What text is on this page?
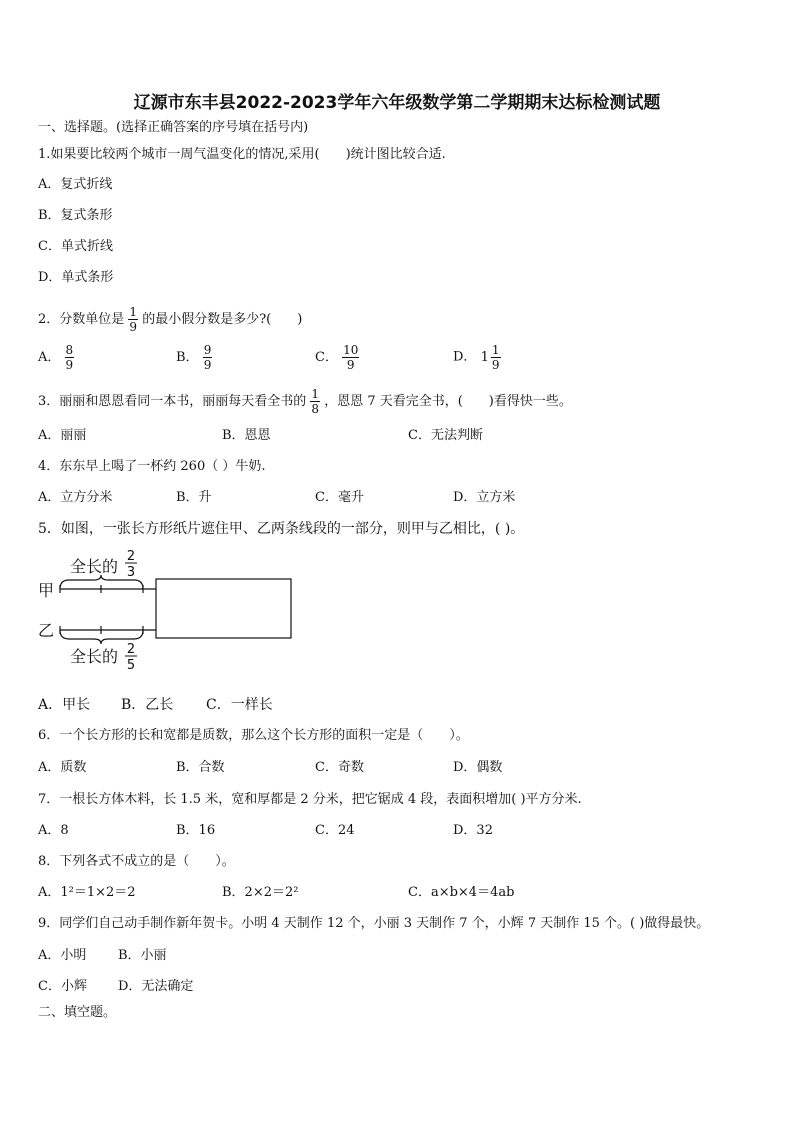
辽源市东丰县2022-2023学年六年级数学第二学期期末达标检测试题
一、选择题。(选择正确答案的序号填在括号内)
1.如果要比较两个城市一周气温变化的情况,采用(　　)统计图比较合适.
A．复式折线
B．复式条形
C．单式折线
D．单式条形
2．分数单位是 $\frac{1}{9}$ 的最小假分数是多少?(　　)
A． $\frac{8}{9}$	B． $\frac{9}{9}$	C． $\frac{10}{9}$	D． $1 \frac{1}{9}$
3．丽丽和恩恩看同一本书，丽丽每天看全书的 $\frac{1}{8}$ ，恩恩 7 天看完全书，(　　)看得快一些。
A．丽丽	B．恩恩	C．无法判断
4．东东早上喝了一杯约 260（ ）牛奶.
A．立方分米	B．升	C．毫升	D．立方米
5．如图，一张长方形纸片遮住甲、乙两条线段的一部分，则甲与乙相比，( )。
全长的
2
3
甲
乙
全长的 2
5
A．甲长 B．乙长 C．一样长
6．一个长方形的长和宽都是质数，那么这个长方形的面积一定是（　　）。
A．质数	B．合数	C．奇数	D．偶数
7．一根长方体木料，长 1.5 米，宽和厚都是 2 分米，把它锯成 4 段，表面积增加( )平方分米.
A．8	B．16	C．24	D．32
8．下列各式不成立的是（　　）。
A．1²＝1×2＝2	B．2×2＝2²	C．a×b×4＝4ab
9．同学们自己动手制作新年贺卡。小明 4 天制作 12 个，小丽 3 天制作 7 个，小辉 7 天制作 15 个。( )做得最快。
A．小明 B．小丽
C．小辉 D．无法确定
二、填空题。
